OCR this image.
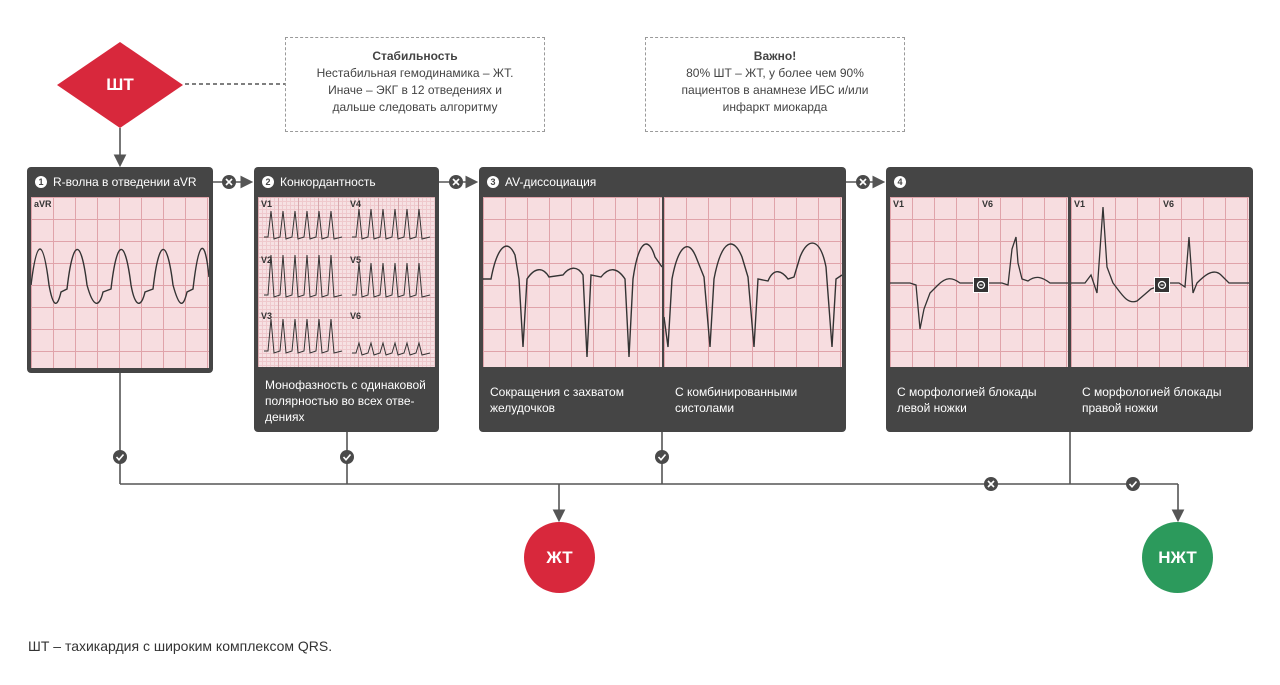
ШТ
Стабильность
Нестабильная гемодинамика – ЖТ.
Иначе – ЭКГ в 12 отведениях и
дальше следовать алгоритму
Важно!
80% ШТ – ЖТ, у более чем 90%
пациентов в анамнезе ИБС и/или
инфаркт миокарда
1 R-волна в отведении aVR
aVR
2 Конкордантность
V1	V4
V2	V5
V3	V6
Монофазность с одинаковой
полярностью во всех отве-
дениях
3 AV-диссоциация
Сокращения с захватом
желудочков
С комбинированными
систолами
4
V1	V6	V1	V6
С морфологией блокады
левой ножки
С морфологией блокады
правой ножки
ЖТ	НЖТ
ШТ – тахикардия с широким комплексом QRS.
